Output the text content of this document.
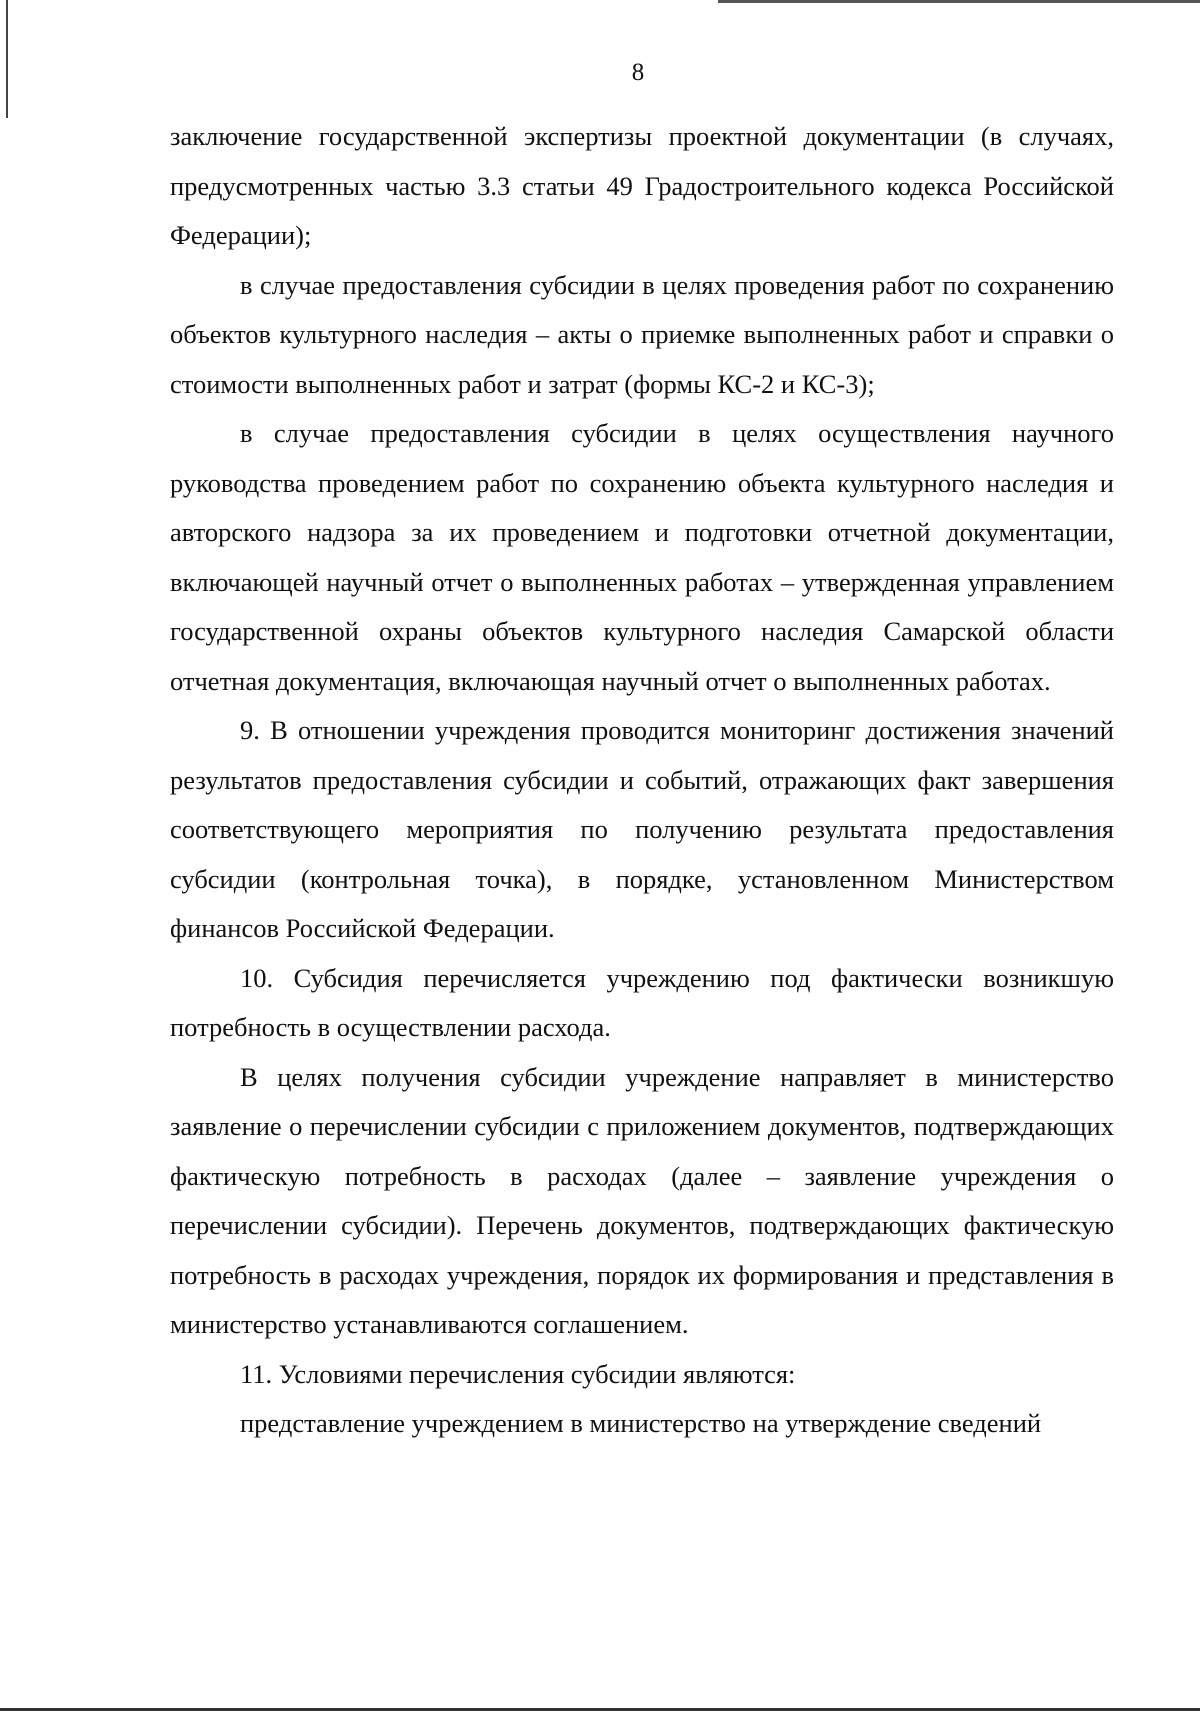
8

заключение государственной экспертизы проектной документации (в случаях, предусмотренных частью 3.3 статьи 49 Градостроительного кодекса Российской Федерации);

в случае предоставления субсидии в целях проведения работ по сохранению объектов культурного наследия – акты о приемке выполненных работ и справки о стоимости выполненных работ и затрат (формы КС-2 и КС-3);

в случае предоставления субсидии в целях осуществления научного руководства проведением работ по сохранению объекта культурного наследия и авторского надзора за их проведением и подготовки отчетной документации, включающей научный отчет о выполненных работах – утвержденная управлением государственной охраны объектов культурного наследия Самарской области отчетная документация, включающая научный отчет о выполненных работах.

9. В отношении учреждения проводится мониторинг достижения значений результатов предоставления субсидии и событий, отражающих факт завершения соответствующего мероприятия по получению результата предоставления субсидии (контрольная точка), в порядке, установленном Министерством финансов Российской Федерации.

10. Субсидия перечисляется учреждению под фактически возникшую потребность в осуществлении расхода.

В целях получения субсидии учреждение направляет в министерство заявление о перечислении субсидии с приложением документов, подтверждающих фактическую потребность в расходах (далее – заявление учреждения о перечислении субсидии). Перечень документов, подтверждающих фактическую потребность в расходах учреждения, порядок их формирования и представления в министерство устанавливаются соглашением.

11. Условиями перечисления субсидии являются:

представление учреждением в министерство на утверждение сведений
